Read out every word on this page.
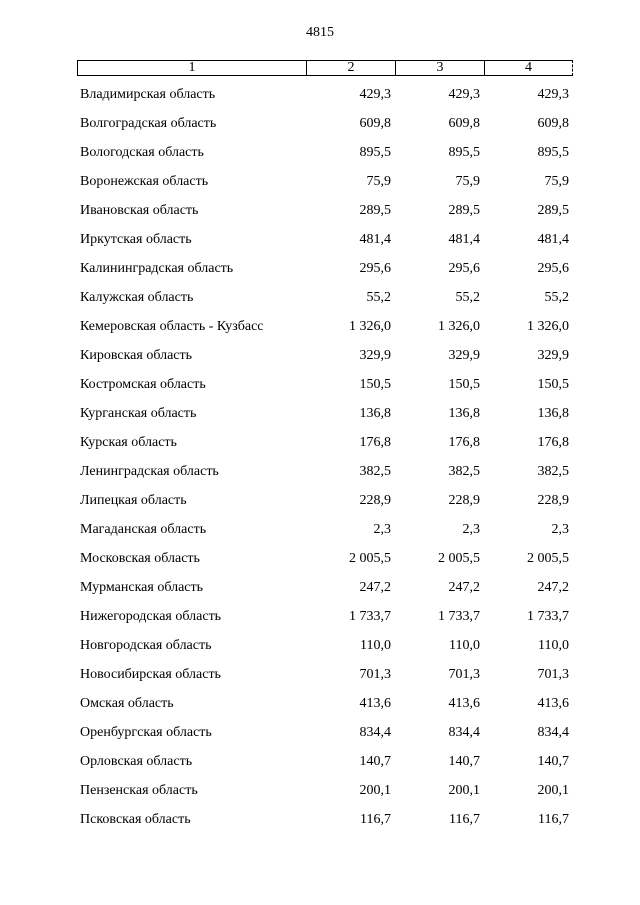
4815
1	2	3	4
Владимирская область	429,3	429,3	429,3
Волгоградская область	609,8	609,8	609,8
Вологодская область	895,5	895,5	895,5
Воронежская область	75,9	75,9	75,9
Ивановская область	289,5	289,5	289,5
Иркутская область	481,4	481,4	481,4
Калининградская область	295,6	295,6	295,6
Калужская область	55,2	55,2	55,2
Кемеровская область - Кузбасс	1 326,0	1 326,0	1 326,0
Кировская область	329,9	329,9	329,9
Костромская область	150,5	150,5	150,5
Курганская область	136,8	136,8	136,8
Курская область	176,8	176,8	176,8
Ленинградская область	382,5	382,5	382,5
Липецкая область	228,9	228,9	228,9
Магаданская область	2,3	2,3	2,3
Московская область	2 005,5	2 005,5	2 005,5
Мурманская область	247,2	247,2	247,2
Нижегородская область	1 733,7	1 733,7	1 733,7
Новгородская область	110,0	110,0	110,0
Новосибирская область	701,3	701,3	701,3
Омская область	413,6	413,6	413,6
Оренбургская область	834,4	834,4	834,4
Орловская область	140,7	140,7	140,7
Пензенская область	200,1	200,1	200,1
Псковская область	116,7	116,7	116,7
